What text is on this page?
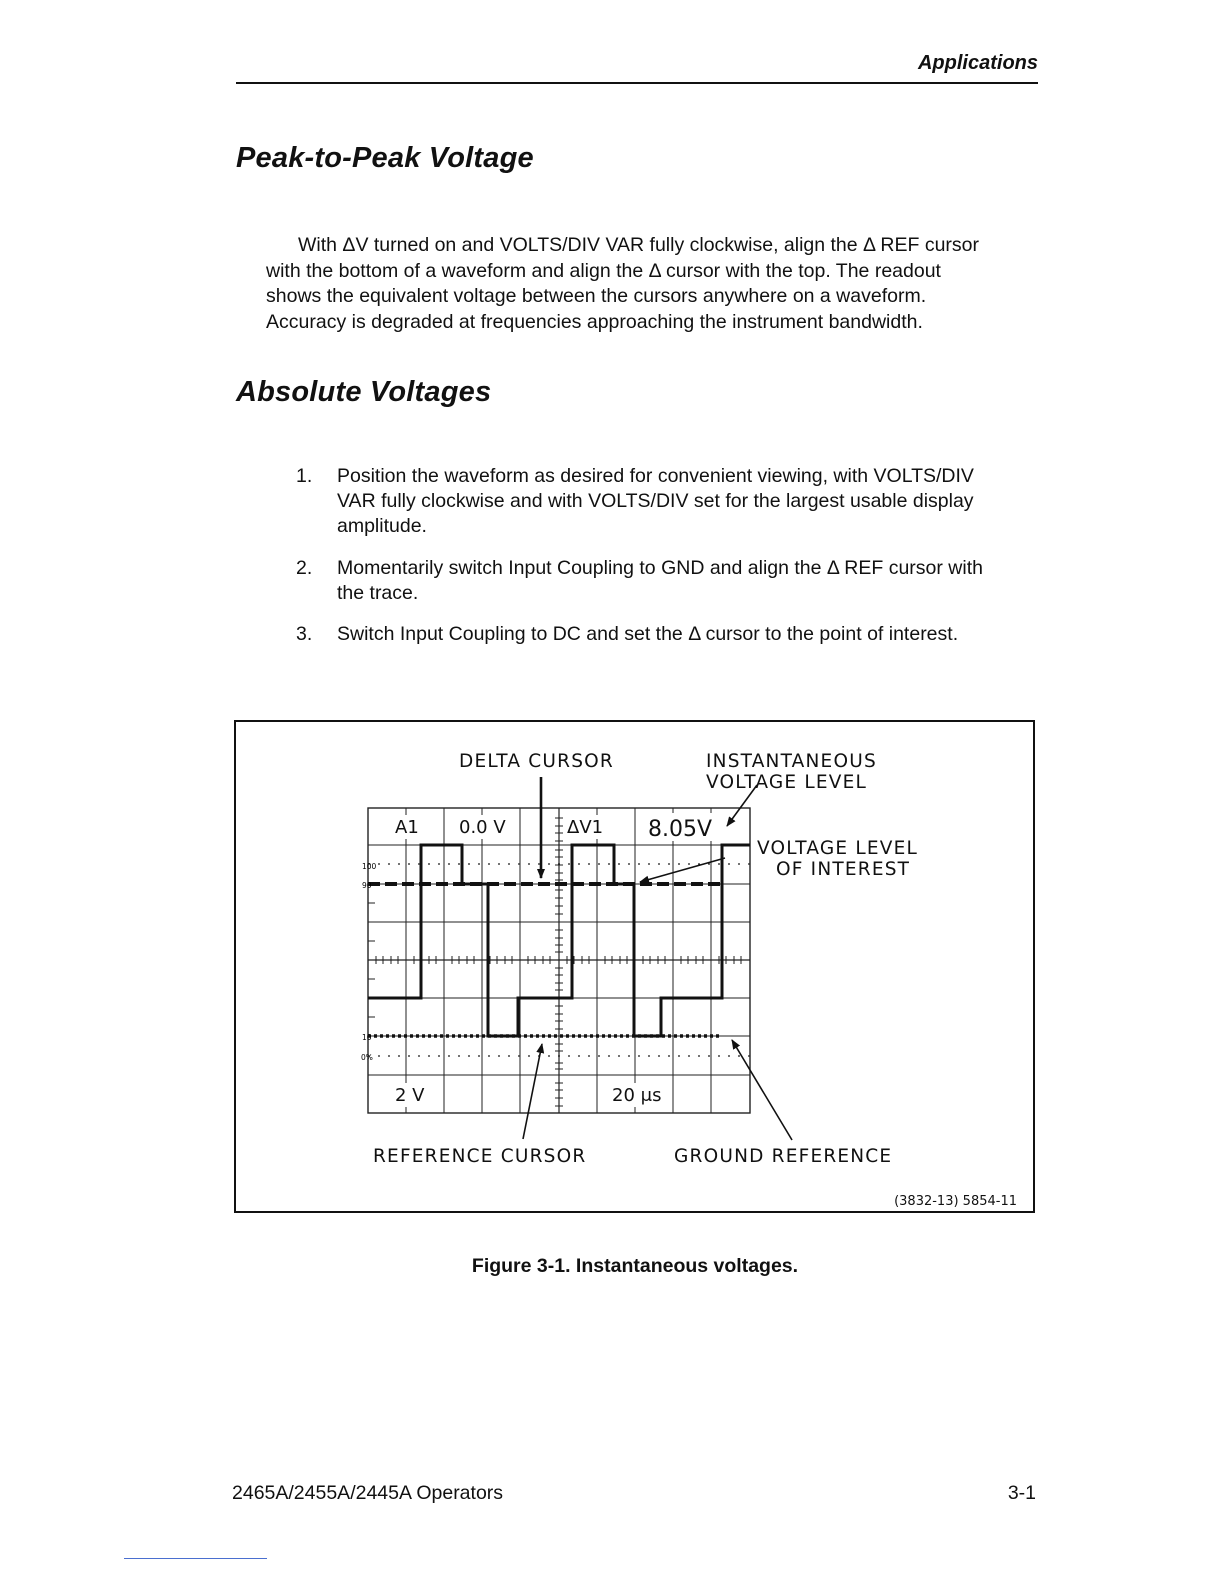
Applications
Peak-to-Peak Voltage
With ΔV turned on and VOLTS/DIV VAR fully clockwise, align the Δ REF cursor
with the bottom of a waveform and align the Δ cursor with the top. The readout
shows the equivalent voltage between the cursors anywhere on a waveform.
Accuracy is degraded at frequencies approaching the instrument bandwidth.
Absolute Voltages
1. Position the waveform as desired for convenient viewing, with VOLTS/DIV
VAR fully clockwise and with VOLTS/DIV set for the largest usable display
amplitude.
2. Momentarily switch Input Coupling to GND and align the Δ REF cursor with
the trace.
3. Switch Input Coupling to DC and set the Δ cursor to the point of interest.
100
90
10
0%
A1 0.0 V	ΔV1 8.05V
2 V	20 μs
DELTA CURSOR	INSTANTANEOUS
VOLTAGE LEVEL
VOLTAGE LEVEL
OF INTEREST
REFERENCE CURSOR	GROUND REFERENCE
(3832-13) 5854-11
Figure 3-1. Instantaneous voltages.
2465A/2455A/2445A Operators	3-1
